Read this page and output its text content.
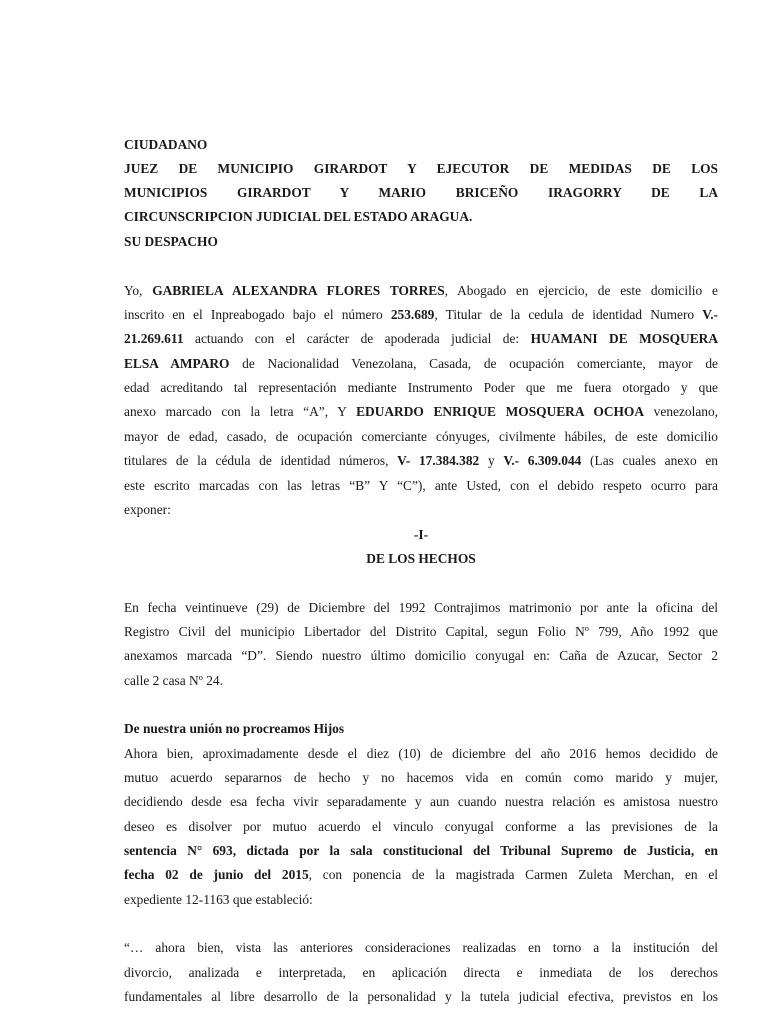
CIUDADANO
JUEZ DE MUNICIPIO GIRARDOT Y EJECUTOR DE MEDIDAS DE LOS
MUNICIPIOS GIRARDOT Y MARIO BRICEÑO IRAGORRY DE LA
CIRCUNSCRIPCION JUDICIAL DEL ESTADO ARAGUA.
SU DESPACHO
Yo, GABRIELA ALEXANDRA FLORES TORRES, Abogado en ejercicio, de este domicilio e
inscrito en el Inpreabogado bajo el número 253.689, Titular de la cedula de identidad Numero V.-
21.269.611 actuando con el carácter de apoderada judicial de: HUAMANI DE MOSQUERA
ELSA AMPARO de Nacionalidad Venezolana, Casada, de ocupación comerciante, mayor de
edad acreditando tal representación mediante Instrumento Poder que me fuera otorgado y que
anexo marcado con la letra “A”, Y EDUARDO ENRIQUE MOSQUERA OCHOA venezolano,
mayor de edad, casado, de ocupación comerciante cónyuges, civilmente hábiles, de este domicilio
titulares de la cédula de identidad números, V- 17.384.382 y V.- 6.309.044 (Las cuales anexo en
este escrito marcadas con las letras “B” Y “C”), ante Usted, con el debido respeto ocurro para
exponer:
-I-
DE LOS HECHOS
En fecha veintinueve (29) de Diciembre del 1992 Contrajimos matrimonio por ante la oficina del
Registro Civil del municipio Libertador del Distrito Capital, segun Folio Nº 799, Año 1992 que
anexamos marcada “D”. Siendo nuestro último domicilio conyugal en: Caña de Azucar, Sector 2
calle 2 casa Nº 24.
De nuestra unión no procreamos Hijos
Ahora bien, aproximadamente desde el diez (10) de diciembre del año 2016 hemos decidido de
mutuo acuerdo separarnos de hecho y no hacemos vida en común como marido y mujer,
decidiendo desde esa fecha vivir separadamente y aun cuando nuestra relación es amistosa nuestro
deseo es disolver por mutuo acuerdo el vinculo conyugal conforme a las previsiones de la
sentencia N° 693, dictada por la sala constitucional del Tribunal Supremo de Justicia, en
fecha 02 de junio del 2015, con ponencia de la magistrada Carmen Zuleta Merchan, en el
expediente 12-1163 que estableció:
“… ahora bien, vista las anteriores consideraciones realizadas en torno a la institución del
divorcio, analizada e interpretada, en aplicación directa e inmediata de los derechos
fundamentales al libre desarrollo de la personalidad y la tutela judicial efectiva, previstos en los
